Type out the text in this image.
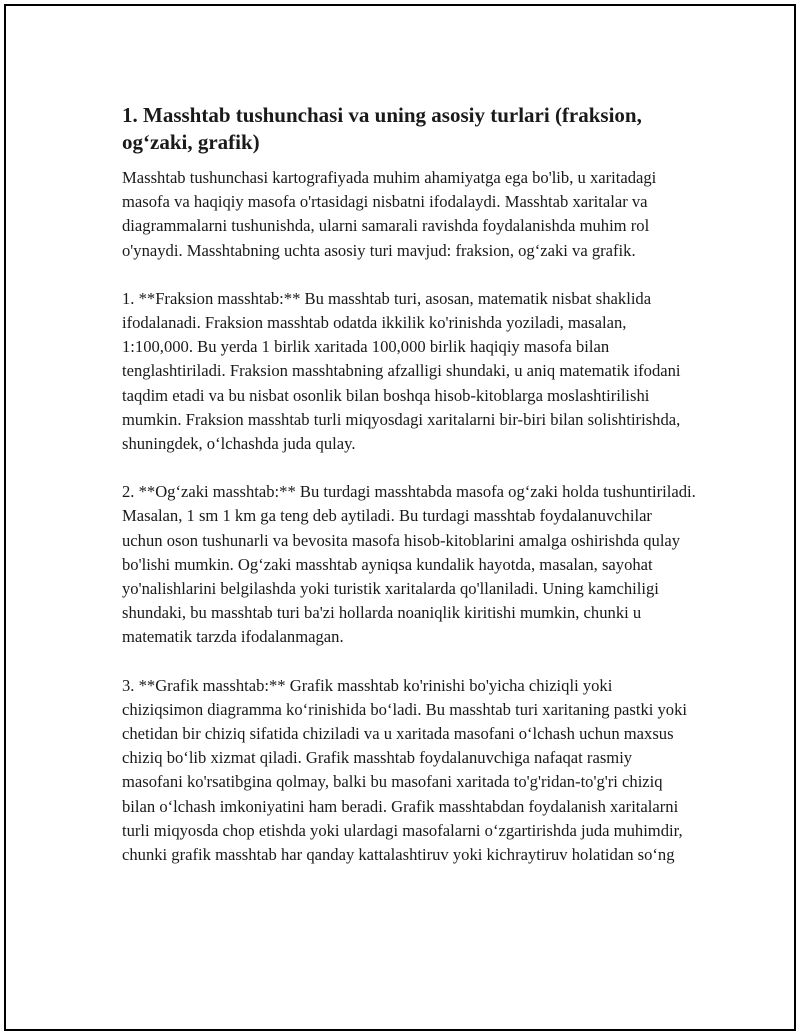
1. Masshtab tushunchasi va uning asosiy turlari (fraksion, og‘zaki, grafik)

Masshtab tushunchasi kartografiyada muhim ahamiyatga ega bo'lib, u xaritadagi masofa va haqiqiy masofa o'rtasidagi nisbatni ifodalaydi. Masshtab xaritalar va diagrammalarni tushunishda, ularni samarali ravishda foydalanishda muhim rol o'ynaydi. Masshtabning uchta asosiy turi mavjud: fraksion, og‘zaki va grafik.

1. **Fraksion masshtab:** Bu masshtab turi, asosan, matematik nisbat shaklida ifodalanadi. Fraksion masshtab odatda ikkilik ko'rinishda yoziladi, masalan, 1:100,000. Bu yerda 1 birlik xaritada 100,000 birlik haqiqiy masofa bilan tenglashtiriladi. Fraksion masshtabning afzalligi shundaki, u aniq matematik ifodani taqdim etadi va bu nisbat osonlik bilan boshqa hisob-kitoblarga moslashtirilishi mumkin. Fraksion masshtab turli miqyosdagi xaritalarni bir-biri bilan solishtirishda, shuningdek, o‘lchashda juda qulay.

2. **Og‘zaki masshtab:** Bu turdagi masshtabda masofa og‘zaki holda tushuntiriladi. Masalan, 1 sm 1 km ga teng deb aytiladi. Bu turdagi masshtab foydalanuvchilar uchun oson tushunarli va bevosita masofa hisob-kitoblarini amalga oshirishda qulay bo'lishi mumkin. Og‘zaki masshtab ayniqsa kundalik hayotda, masalan, sayohat yo'nalishlarini belgilashda yoki turistik xaritalarda qo'llaniladi. Uning kamchiligi shundaki, bu masshtab turi ba'zi hollarda noaniqlik kiritishi mumkin, chunki u matematik tarzda ifodalanmagan.

3. **Grafik masshtab:** Grafik masshtab ko'rinishi bo'yicha chiziqli yoki chiziqsimon diagramma ko‘rinishida bo‘ladi. Bu masshtab turi xaritaning pastki yoki chetidan bir chiziq sifatida chiziladi va u xaritada masofani o‘lchash uchun maxsus chiziq bo‘lib xizmat qiladi. Grafik masshtab foydalanuvchiga nafaqat rasmiy masofani ko'rsatibgina qolmay, balki bu masofani xaritada to'g'ridan-to'g'ri chiziq bilan o‘lchash imkoniyatini ham beradi. Grafik masshtabdan foydalanish xaritalarni turli miqyosda chop etishda yoki ulardagi masofalarni o‘zgartirishda juda muhimdir, chunki grafik masshtab har qanday kattalashtiruv yoki kichraytiruv holatidan so‘ng
